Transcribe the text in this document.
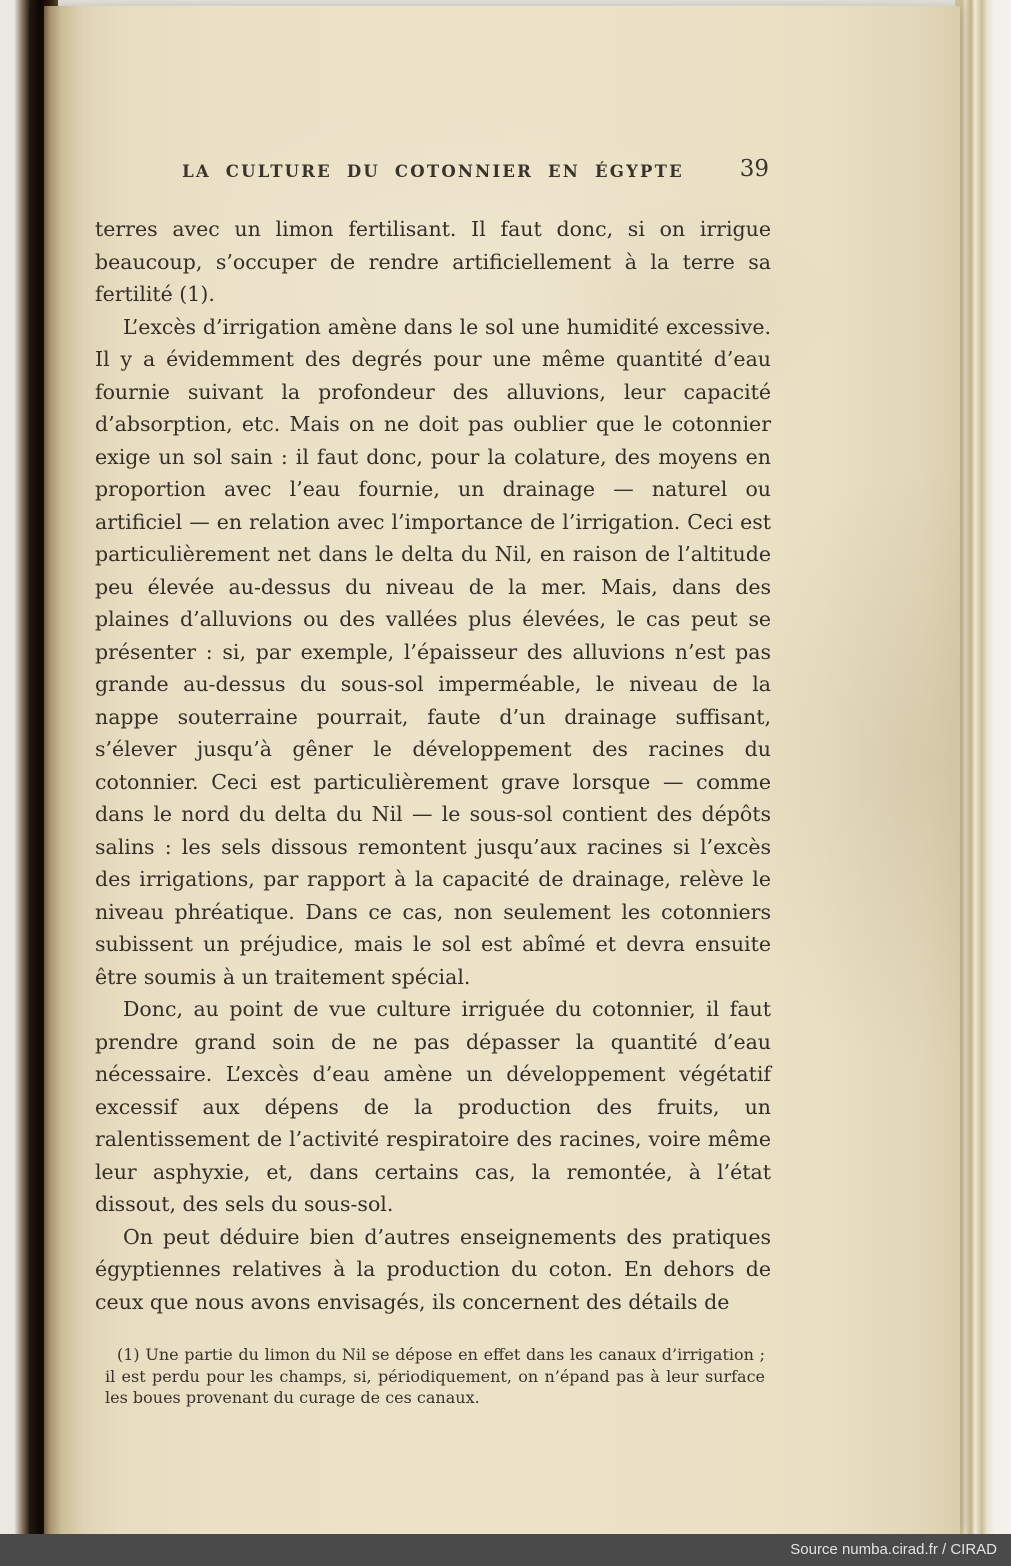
LA CULTURE DU COTONNIER EN ÉGYPTE 39

terres avec un limon fertilisant. Il faut donc, si on irrigue beaucoup, s’occuper de rendre artificiellement à la terre sa fertilité (1).

L’excès d’irrigation amène dans le sol une humidité excessive. Il y a évidemment des degrés pour une même quantité d’eau fournie suivant la profondeur des alluvions, leur capacité d’absorption, etc. Mais on ne doit pas oublier que le cotonnier exige un sol sain : il faut donc, pour la colature, des moyens en proportion avec l’eau fournie, un drainage — naturel ou artificiel — en relation avec l’importance de l’irrigation. Ceci est particulièrement net dans le delta du Nil, en raison de l’altitude peu élevée au-dessus du niveau de la mer. Mais, dans des plaines d’alluvions ou des vallées plus élevées, le cas peut se présenter : si, par exemple, l’épaisseur des alluvions n’est pas grande au-dessus du sous-sol imperméable, le niveau de la nappe souterraine pourrait, faute d’un drainage suffisant, s’élever jusqu’à gêner le développement des racines du cotonnier. Ceci est particulièrement grave lorsque — comme dans le nord du delta du Nil — le sous-sol contient des dépôts salins : les sels dissous remontent jusqu’aux racines si l’excès des irrigations, par rapport à la capacité de drainage, relève le niveau phréatique. Dans ce cas, non seulement les cotonniers subissent un préjudice, mais le sol est abîmé et devra ensuite être soumis à un traitement spécial.

Donc, au point de vue culture irriguée du cotonnier, il faut prendre grand soin de ne pas dépasser la quantité d’eau nécessaire. L’excès d’eau amène un développement végétatif excessif aux dépens de la production des fruits, un ralentissement de l’activité respiratoire des racines, voire même leur asphyxie, et, dans certains cas, la remontée, à l’état dissout, des sels du sous-sol.

On peut déduire bien d’autres enseignements des pratiques égyptiennes relatives à la production du coton. En dehors de ceux que nous avons envisagés, ils concernent des détails de

(1) Une partie du limon du Nil se dépose en effet dans les canaux d’irrigation ; il est perdu pour les champs, si, périodiquement, on n’épand pas à leur surface les boues provenant du curage de ces canaux.
Source numba.cirad.fr / CIRAD
